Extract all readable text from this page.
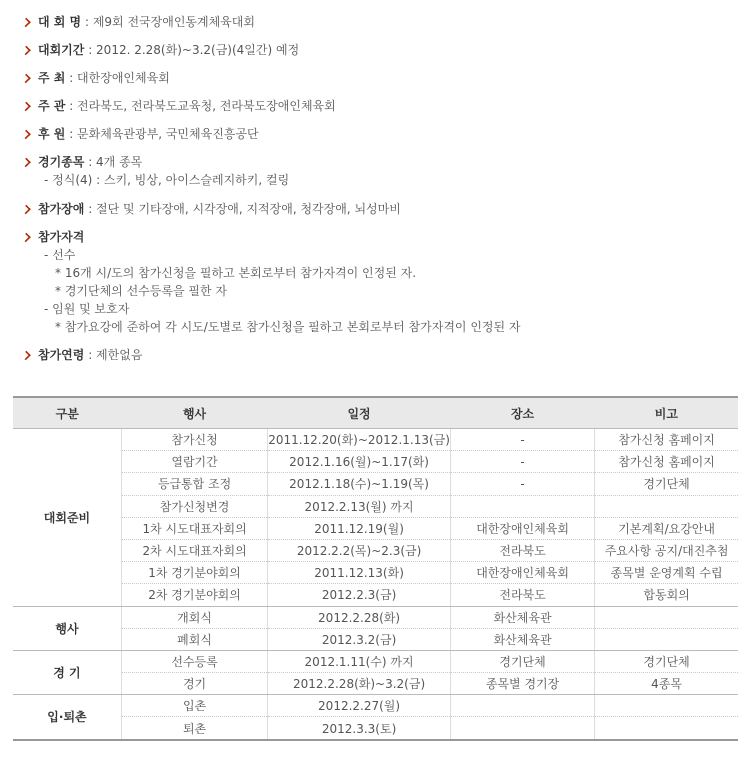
대 회 명 : 제9회 전국장애인동계체육대회
대회기간 : 2012. 2.28(화)~3.2(금)(4일간) 예정
주 최 : 대한장애인체육회
주 관 : 전라북도, 전라북도교육청, 전라북도장애인체육회
후 원 : 문화체육관광부, 국민체육진흥공단
경기종목 : 4개 종목
- 정식(4) : 스키, 빙상, 아이스슬레지하키, 컬링
참가장애 : 절단 및 기타장애, 시각장애, 지적장애, 청각장애, 뇌성마비
참가자격
- 선수
* 16개 시/도의 참가신청을 필하고 본회로부터 참가자격이 인정된 자.
* 경기단체의 선수등록을 필한 자
- 임원 및 보호자
* 참가요강에 준하여 각 시도/도별로 참가신청을 필하고 본회로부터 참가자격이 인정된 자
참가연령 : 제한없음
구분	행사	일정	장소	비고
대회준비	참가신청	2011.12.20(화)~2012.1.13(금)	-	참가신청 홈페이지
	열람기간	2012.1.16(월)~1.17(화)	-	참가신청 홈페이지
	등급통합 조정	2012.1.18(수)~1.19(목)	-	경기단체
	참가신청변경	2012.2.13(월) 까지		
	1차 시도대표자회의	2011.12.19(월)	대한장애인체육회	기본계획/요강안내
	2차 시도대표자회의	2012.2.2(목)~2.3(금)	전라북도	주요사항 공지/대진추첨
	1차 경기분야회의	2011.12.13(화)	대한장애인체육회	종목별 운영계획 수립
	2차 경기분야회의	2012.2.3(금)	전라북도	합동회의
행사	개회식	2012.2.28(화)	화산체육관	
	폐회식	2012.3.2(금)	화산체육관	
경 기	선수등록	2012.1.11(수) 까지	경기단체	경기단체
	경기	2012.2.28(화)~3.2(금)	종목별 경기장	4종목
입·퇴촌	입촌	2012.2.27(월)		
	퇴촌	2012.3.3(토)		
